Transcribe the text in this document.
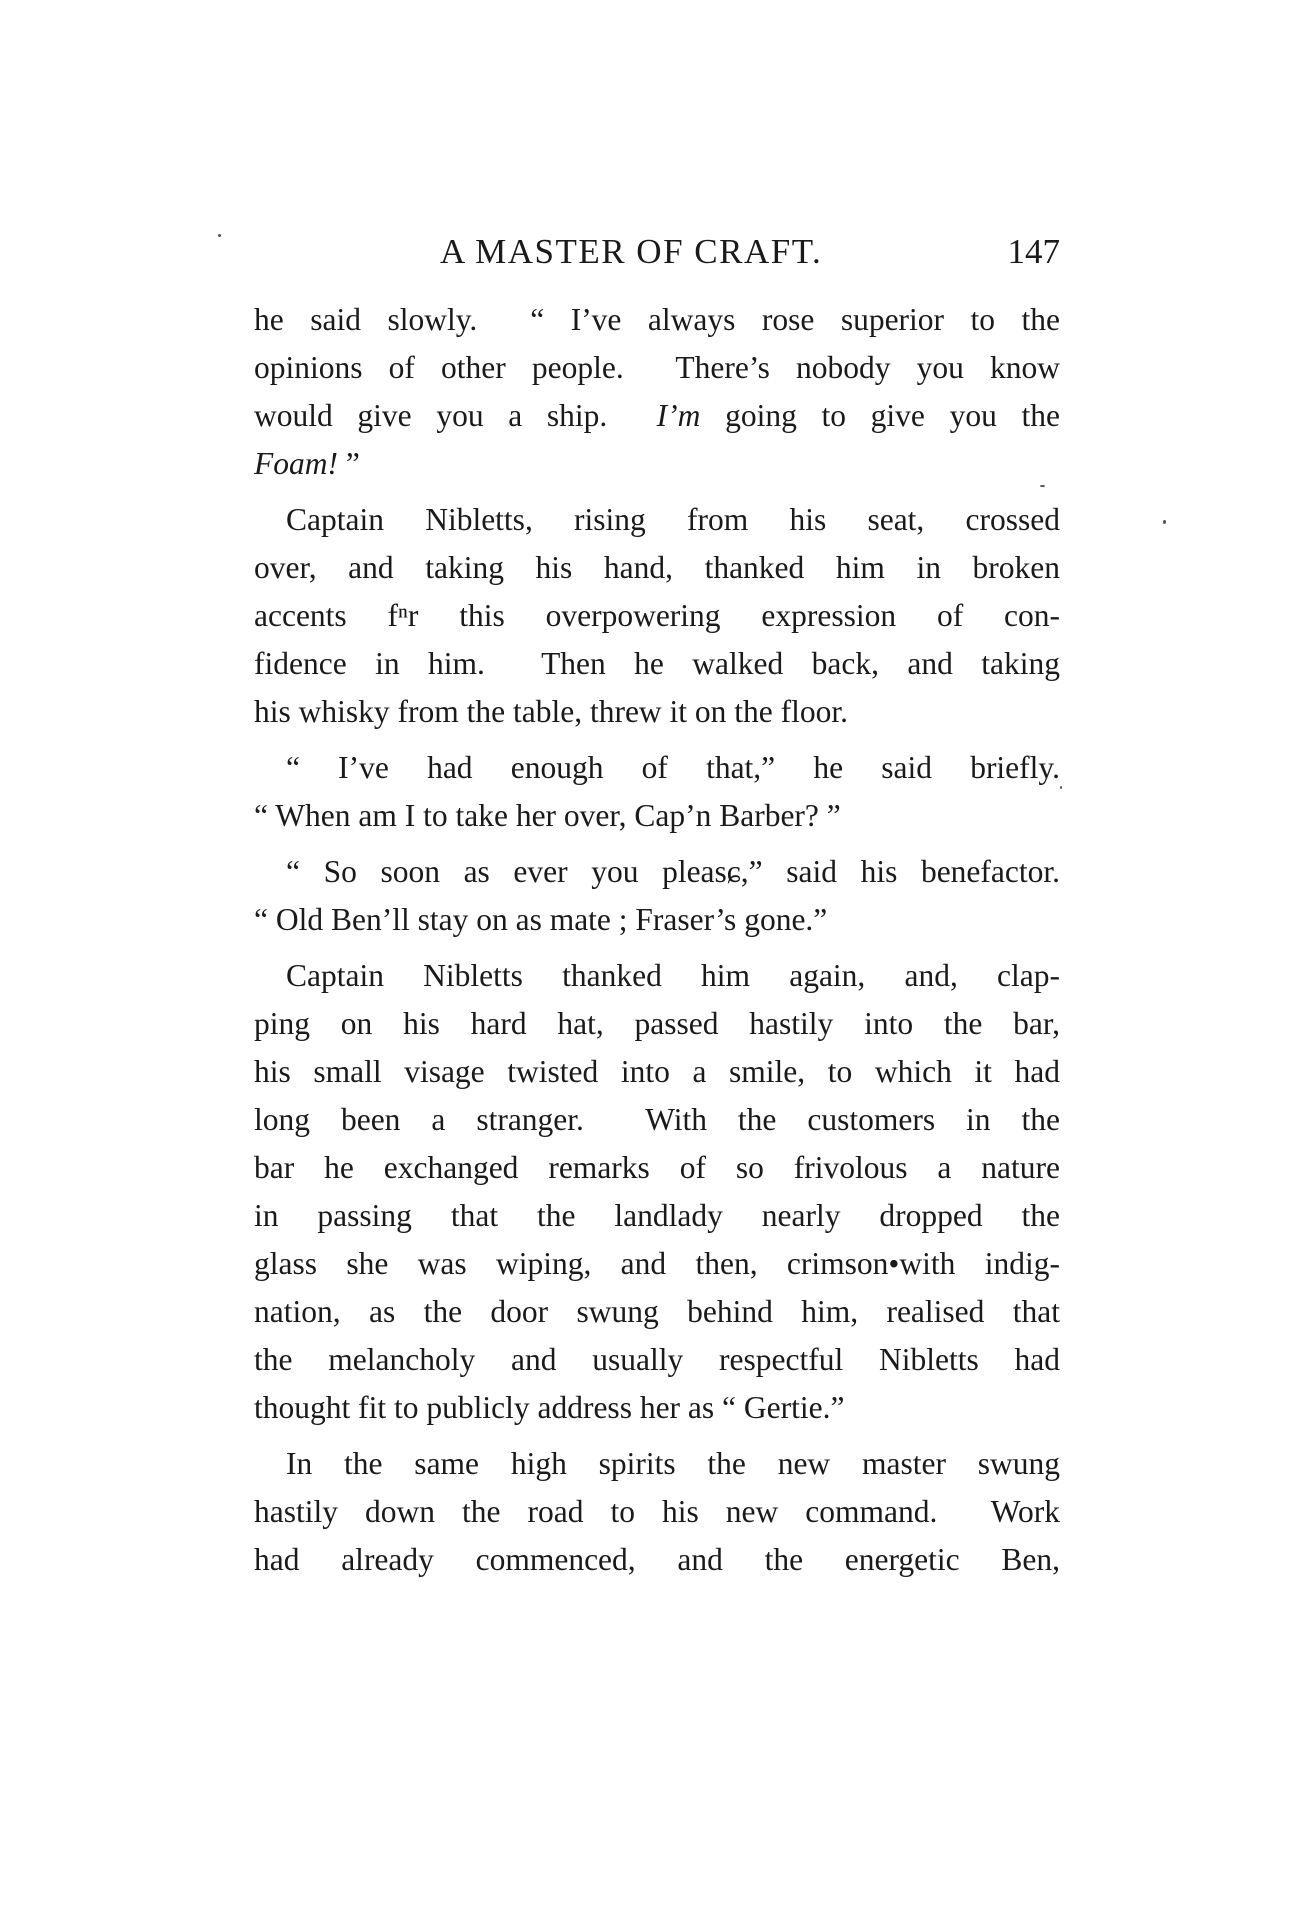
A MASTER OF CRAFT.	147
he said slowly.  “ I’ve always rose superior to the
opinions of other people.  There’s nobody you know
would give you a ship.  I’m going to give you the
Foam! ”
Captain Nibletts, rising from his seat, crossed
over, and taking his hand, thanked him in broken
accents fⁿr this overpowering expression of con-
fidence in him.  Then he walked back, and taking
his whisky from the table, threw it on the floor.
“ I’ve had enough of that,” he said briefly.
“ When am I to take her over, Cap’n Barber? ”
“ So soon as ever you pleasɕ,” said his benefactor.
“ Old Ben’ll stay on as mate ; Fraser’s gone.”
Captain Nibletts thanked him again, and, clap-
ping on his hard hat, passed hastily into the bar,
his small visage twisted into a smile, to which it had
long been a stranger.  With the customers in the
bar he exchanged remarks of so frivolous a nature
in passing that the landlady nearly dropped the
glass she was wiping, and then, crimson•with indig-
nation, as the door swung behind him, realised that
the melancholy and usually respectful Nibletts had
thought fit to publicly address her as “ Gertie.”
In the same high spirits the new master swung
hastily down the road to his new command.  Work
had already commenced, and the energetic Ben,
